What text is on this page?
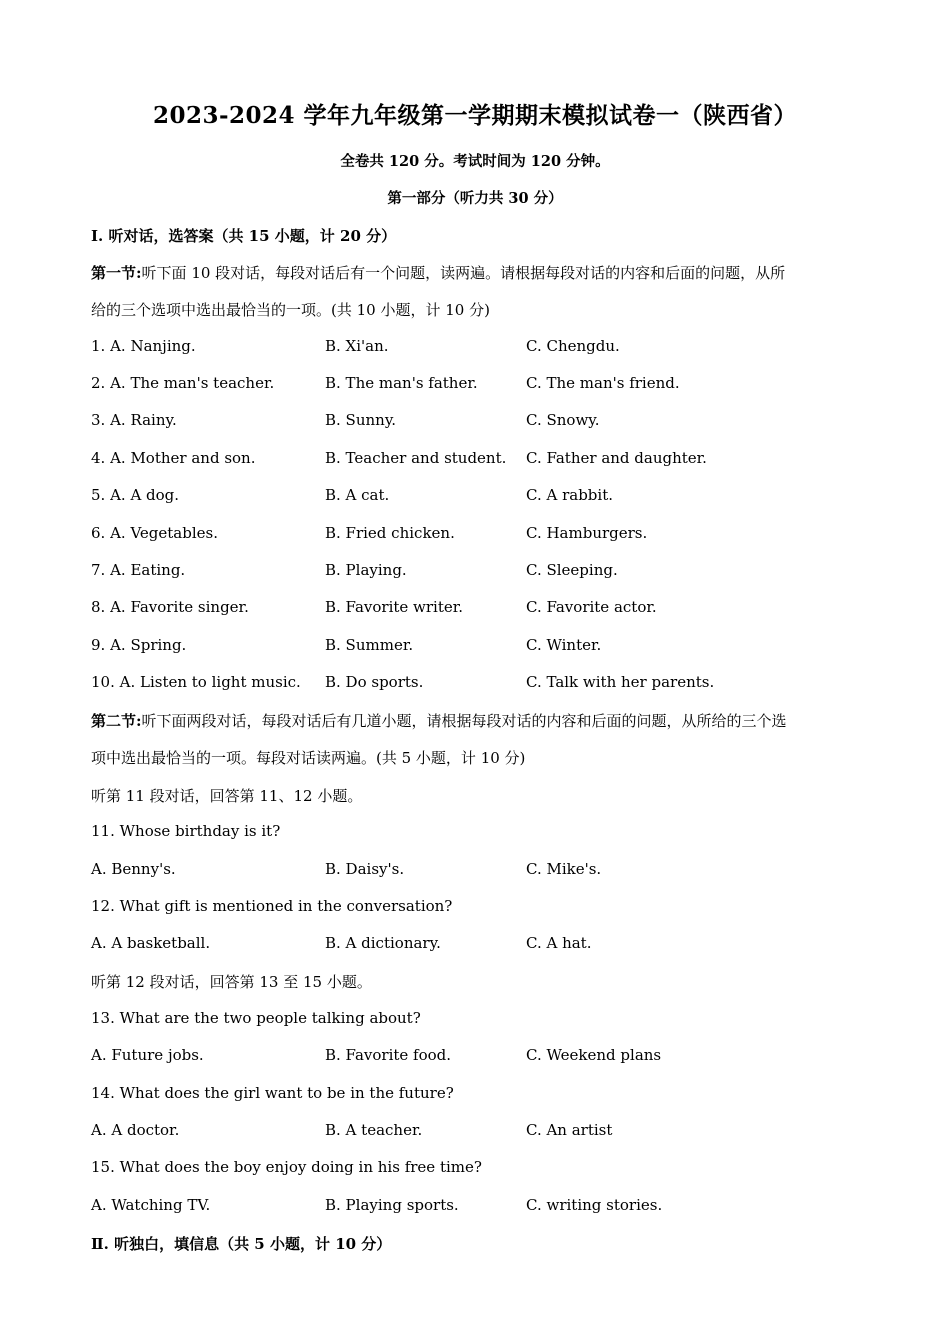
2023-2024 学年九年级第一学期期末模拟试卷一（陕西省）
全卷共 120 分。考试时间为 120 分钟。
第一部分（听力共 30 分）
I. 听对话，选答案（共 15 小题，计 20 分）
第一节:听下面 10 段对话，每段对话后有一个问题，读两遍。请根据每段对话的内容和后面的问题，从所
给的三个选项中选出最恰当的一项。(共 10 小题，计 10 分)
1. A. Nanjing.	B. Xi'an.	C. Chengdu.
2. A. The man's teacher.	B. The man's father.	C. The man's friend.
3. A. Rainy.	B. Sunny.	C. Snowy.
4. A. Mother and son.	B. Teacher and student. C. Father and daughter.
5. A. A dog.	B. A cat.	C. A rabbit.
6. A. Vegetables.	B. Fried chicken.	C. Hamburgers.
7. A. Eating.	B. Playing.	C. Sleeping.
8. A. Favorite singer.	B. Favorite writer.	C. Favorite actor.
9. A. Spring.	B. Summer.	C. Winter.
10. A. Listen to light music. B. Do sports.	C. Talk with her parents.
第二节:听下面两段对话，每段对话后有几道小题，请根据每段对话的内容和后面的问题，从所给的三个选
项中选出最恰当的一项。每段对话读两遍。(共 5 小题，计 10 分)
听第 11 段对话，回答第 11、12 小题。
11. Whose birthday is it?
A. Benny's.	B. Daisy's.	C. Mike's.
12. What gift is mentioned in the conversation?
A. A basketball.	B. A dictionary.	C. A hat.
听第 12 段对话，回答第 13 至 15 小题。
13. What are the two people talking about?
A. Future jobs.	B. Favorite food.	C. Weekend plans
14. What does the girl want to be in the future?
A. A doctor.	B. A teacher.	C. An artist
15. What does the boy enjoy doing in his free time?
A. Watching TV.	B. Playing sports.	C. writing stories.
Ⅱ. 听独白，填信息（共 5 小题，计 10 分）
